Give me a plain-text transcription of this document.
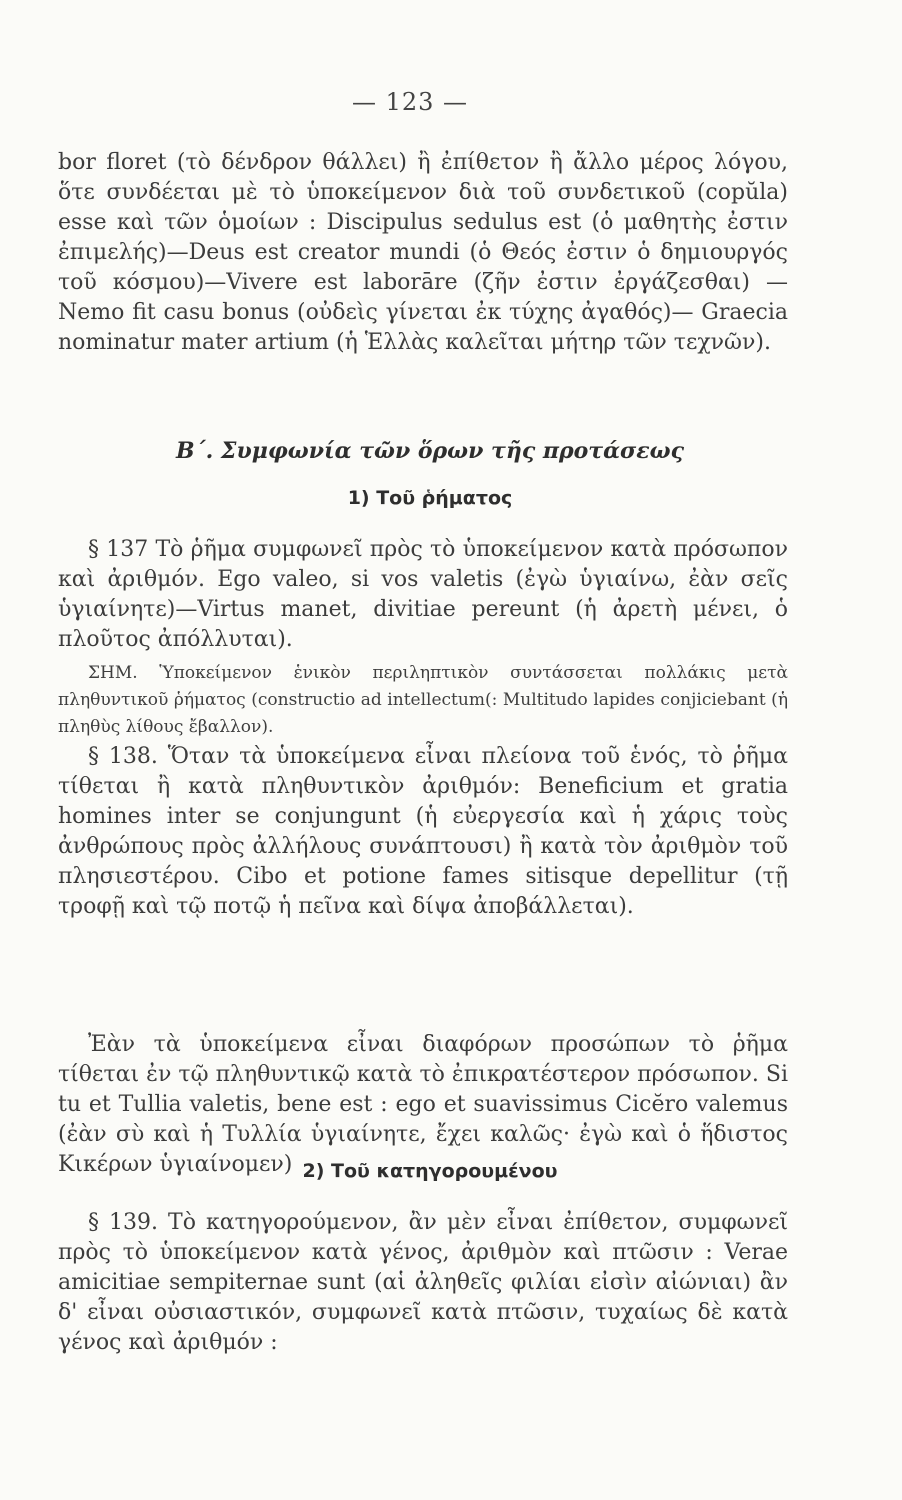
— 123 —
bor floret (τὸ δένδρον θάλλει) ἢ ἐπίθετον ἢ ἄλλο μέρος λόγου, ὅτε συνδέεται μὲ τὸ ὑποκείμενον διὰ τοῦ συνδετικοῦ (copŭla) esse καὶ τῶν ὁμοίων : Discipulus sedulus est (ὁ μαθητὴς ἐστιν ἐπιμελής)—Deus est creator mundi (ὁ Θεός ἐστιν ὁ δημιουργός τοῦ κόσμου)—Vivere est laborāre (ζῆν ἐστιν ἐργάζεσθαι) —Nemo fit casu bonus (οὐδεὶς γίνεται ἐκ τύχης ἀγαθός)— Graecia nominatur mater artium (ἡ Ἑλλὰς καλεῖται μήτηρ τῶν τεχνῶν).
Β΄. Συμφωνία τῶν ὅρων τῆς προτάσεως
1) Τοῦ ῥήματος
§ 137 Τὸ ῥῆμα συμφωνεῖ πρὸς τὸ ὑποκείμενον κατὰ πρόσωπον καὶ ἀριθμόν. Ego valeo, si vos valetis (ἐγὼ ὑγιαίνω, ἐὰν σεῖς ὑγιαίνητε)—Virtus manet, divitiae pereunt (ἡ ἀρετὴ μένει, ὁ πλοῦτος ἀπόλλυται).
ΣΗΜ. Ὑποκείμενον ἑνικὸν περιληπτικὸν συντάσσεται πολλάκις μετὰ πληθυντικοῦ ῥήματος (constructio ad intellectum(: Multitudo lapides conjiciebant (ἡ πληθὺς λίθους ἔβαλλον).
§ 138. Ὅταν τὰ ὑποκείμενα εἶναι πλείονα τοῦ ἑνός, τὸ ῥῆμα τίθεται ἢ κατὰ πληθυντικὸν ἀριθμόν: Beneficium et gratia homines inter se conjungunt (ἡ εὐεργεσία καὶ ἡ χάρις τοὺς ἀνθρώπους πρὸς ἀλλήλους συνάπτουσι) ἢ κατὰ τὸν ἀριθμὸν τοῦ πλησιεστέρου. Cibo et potione fames sitisque depellitur (τῇ τροφῇ καὶ τῷ ποτῷ ἡ πεῖνα καὶ δίψα ἀποβάλλεται).
Ἐὰν τὰ ὑποκείμενα εἶναι διαφόρων προσώπων τὸ ῥῆμα τίθεται ἐν τῷ πληθυντικῷ κατὰ τὸ ἐπικρατέστερον πρόσωπον. Si tu et Tullia valetis, bene est : ego et suavissimus Cicĕro valemus (ἐὰν σὺ καὶ ἡ Τυλλία ὑγιαίνητε, ἔχει καλῶς· ἐγὼ καὶ ὁ ἥδιστος Κικέρων ὑγιαίνομεν) 2) Τοῦ κατηγορουμένου
§ 139. Τὸ κατηγορούμενον, ἂν μὲν εἶναι ἐπίθετον, συμφωνεῖ πρὸς τὸ ὑποκείμενον κατὰ γένος, ἀριθμὸν καὶ πτῶσιν : Verae amicitiae sempiternae sunt (αἱ ἀληθεῖς φιλίαι εἰσὶν αἰώνιαι) ἂν δ' εἶναι οὐσιαστικόν, συμφωνεῖ κατὰ πτῶσιν, τυχαίως δὲ κατὰ γένος καὶ ἀριθμόν :
